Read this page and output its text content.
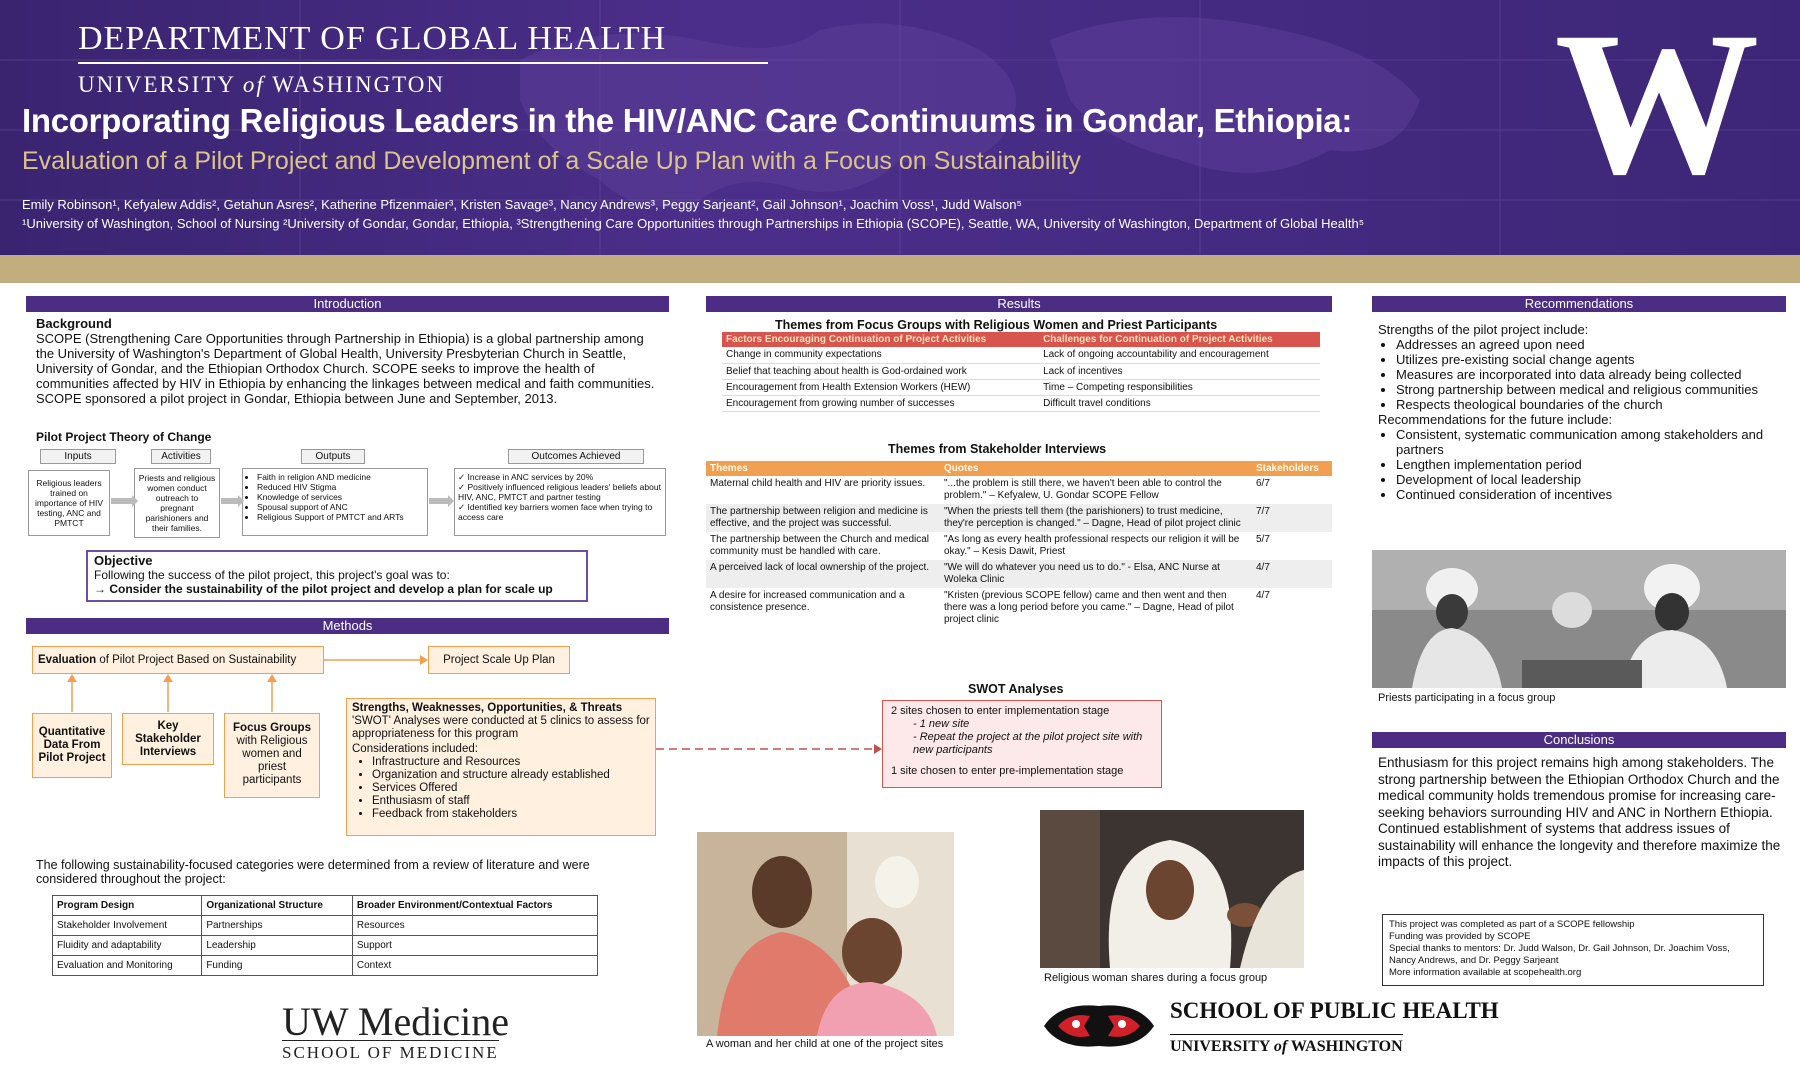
DEPARTMENT OF GLOBAL HEALTH
UNIVERSITY of WASHINGTON
Incorporating Religious Leaders in the HIV/ANC Care Continuums in Gondar, Ethiopia:
Evaluation of a Pilot Project and Development of a Scale Up Plan with a Focus on Sustainability
Emily Robinson¹, Kefyalew Addis², Getahun Asres², Katherine Pfizenmaier³, Kristen Savage³, Nancy Andrews³, Peggy Sarjeant², Gail Johnson¹, Joachim Voss¹, Judd Walson⁵
¹University of Washington, School of Nursing ²University of Gondar, Gondar, Ethiopia, ³Strengthening Care Opportunities through Partnerships in Ethiopia (SCOPE), Seattle, WA, University of Washington, Department of Global Health⁵
W
Introduction
Background
SCOPE (Strengthening Care Opportunities through Partnership in Ethiopia) is a global partnership among the University of Washington's Department of Global Health, University Presbyterian Church in Seattle, University of Gondar, and the Ethiopian Orthodox Church. SCOPE seeks to improve the health of communities affected by HIV in Ethiopia by enhancing the linkages between medical and faith communities. SCOPE sponsored a pilot project in Gondar, Ethiopia between June and September, 2013.
Pilot Project Theory of Change
Inputs	Activities	Outputs	Outcomes Achieved
Religious leaders trained on importance of HIV testing, ANC and PMTCT
Priests and religious women conduct outreach to pregnant parishioners and their families.
• Faith in religion AND medicine
• Reduced HIV Stigma
• Knowledge of services
• Spousal support of ANC
• Religious Support of PMTCT and ARTs
✓ Increase in ANC services by 20%
✓ Positively influenced religious leaders' beliefs about HIV, ANC, PMTCT and partner testing
✓ Identified key barriers women face when trying to access care
Objective
Following the success of the pilot project, this project's goal was to:
→ Consider the sustainability of the pilot project and develop a plan for scale up
Methods
Evaluation of Pilot Project Based on Sustainability	Project Scale Up Plan
Quantitative Data From Pilot Project
Key Stakeholder Interviews
Focus Groups with Religious women and priest participants
Strengths, Weaknesses, Opportunities, & Threats
'SWOT' Analyses were conducted at 5 clinics to assess for appropriateness for this program
Considerations included:
• Infrastructure and Resources
• Organization and structure already established
• Services Offered
• Enthusiasm of staff
• Feedback from stakeholders
The following sustainability-focused categories were determined from a review of literature and were considered throughout the project:
Program Design	Organizational Structure	Broader Environment/Contextual Factors
Stakeholder Involvement	Partnerships	Resources
Fluidity and adaptability	Leadership	Support
Evaluation and Monitoring	Funding	Context
UW Medicine
SCHOOL OF MEDICINE
Results
Themes from Focus Groups with Religious Women and Priest Participants
Factors Encouraging Continuation of Project Activities	Challenges for Continuation of Project Activities
Change in community expectations	Lack of ongoing accountability and encouragement
Belief that teaching about health is God-ordained work	Lack of incentives
Encouragement from Health Extension Workers (HEW)	Time – Competing responsibilities
Encouragement from growing number of successes	Difficult travel conditions
Themes from Stakeholder Interviews
Themes	Quotes	Stakeholders
Maternal child health and HIV are priority issues.	"...the problem is still there, we haven't been able to control the problem." – Kefyalew, U. Gondar SCOPE Fellow	6/7
The partnership between religion and medicine is effective, and the project was successful.	"When the priests tell them (the parishioners) to trust medicine, they're perception is changed." – Dagne, Head of pilot project clinic	7/7
The partnership between the Church and medical community must be handled with care.	"As long as every health professional respects our religion it will be okay." – Kesis Dawit, Priest	5/7
A perceived lack of local ownership of the project.	"We will do whatever you need us to do." - Elsa, ANC Nurse at Woleka Clinic	4/7
A desire for increased communication and a consistence presence.	"Kristen (previous SCOPE fellow) came and then went and then there was a long period before you came." – Dagne, Head of pilot project clinic	4/7
SWOT Analyses
2 sites chosen to enter implementation stage
- 1 new site
- Repeat the project at the pilot project site with new participants
1 site chosen to enter pre-implementation stage
A woman and her child at one of the project sites
Religious woman shares during a focus group
SCHOOL OF PUBLIC HEALTH
UNIVERSITY of WASHINGTON
Recommendations
Strengths of the pilot project include:
• Addresses an agreed upon need
• Utilizes pre-existing social change agents
• Measures are incorporated into data already being collected
• Strong partnership between medical and religious communities
• Respects theological boundaries of the church
Recommendations for the future include:
• Consistent, systematic communication among stakeholders and partners
• Lengthen implementation period
• Development of local leadership
• Continued consideration of incentives
Priests participating in a focus group
Conclusions
Enthusiasm for this project remains high among stakeholders. The strong partnership between the Ethiopian Orthodox Church and the medical community holds tremendous promise for increasing care-seeking behaviors surrounding HIV and ANC in Northern Ethiopia. Continued establishment of systems that address issues of sustainability will enhance the longevity and therefore maximize the impacts of this project.
This project was completed as part of a SCOPE fellowship
Funding was provided by SCOPE
Special thanks to mentors: Dr. Judd Walson, Dr. Gail Johnson, Dr. Joachim Voss, Nancy Andrews, and Dr. Peggy Sarjeant
More information available at scopehealth.org
